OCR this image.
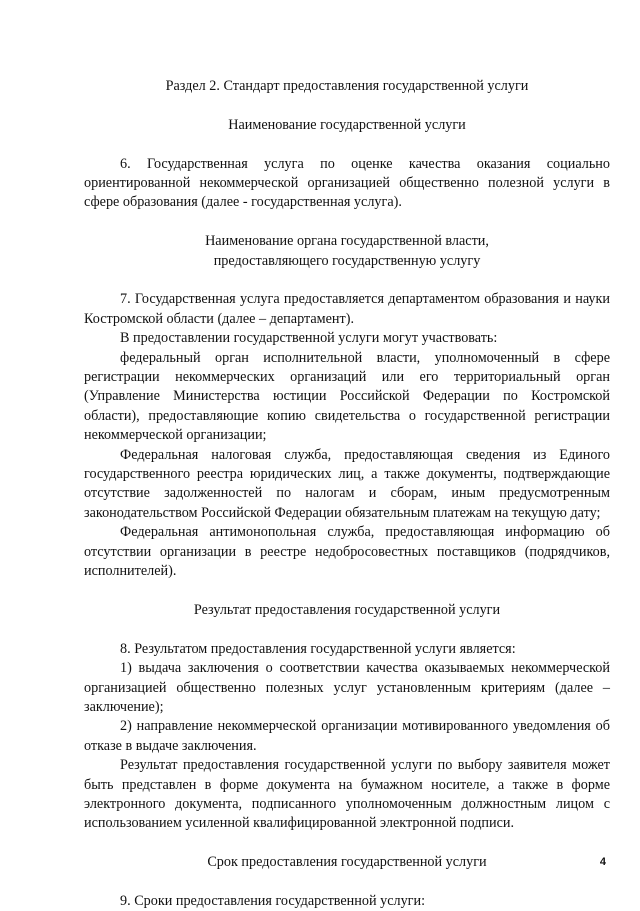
Раздел 2. Стандарт предоставления государственной услуги

Наименование государственной услуги

6. Государственная услуга по оценке качества оказания социально ориентированной некоммерческой организацией общественно полезной услуги в сфере образования (далее - государственная услуга).

Наименование органа государственной власти,

предоставляющего государственную услугу

7. Государственная услуга предоставляется департаментом образования и науки Костромской области (далее – департамент).

В предоставлении государственной услуги могут участвовать:

федеральный орган исполнительной власти, уполномоченный в сфере регистрации некоммерческих организаций или его территориальный орган (Управление Министерства юстиции Российской Федерации по Костромской области), предоставляющие копию свидетельства о государственной регистрации некоммерческой организации;

Федеральная налоговая служба, предоставляющая сведения из Единого государственного реестра юридических лиц, а также документы, подтверждающие отсутствие задолженностей по налогам и сборам, иным предусмотренным законодательством Российской Федерации обязательным платежам на текущую дату;

Федеральная антимонопольная служба, предоставляющая информацию об отсутствии организации в реестре недобросовестных поставщиков (подрядчиков, исполнителей).

Результат предоставления государственной услуги

8. Результатом предоставления государственной услуги является:

1) выдача заключения о соответствии качества оказываемых некоммерческой организацией общественно полезных услуг установленным критериям (далее – заключение);

2) направление некоммерческой организации мотивированного уведомления об отказе в выдаче заключения.

Результат предоставления государственной услуги по выбору заявителя может быть представлен в форме документа на бумажном носителе, а также в форме электронного документа, подписанного уполномоченным должностным лицом с использованием усиленной квалифицированной электронной подписи.

Срок предоставления государственной услуги

9. Сроки предоставления государственной услуги:

4
